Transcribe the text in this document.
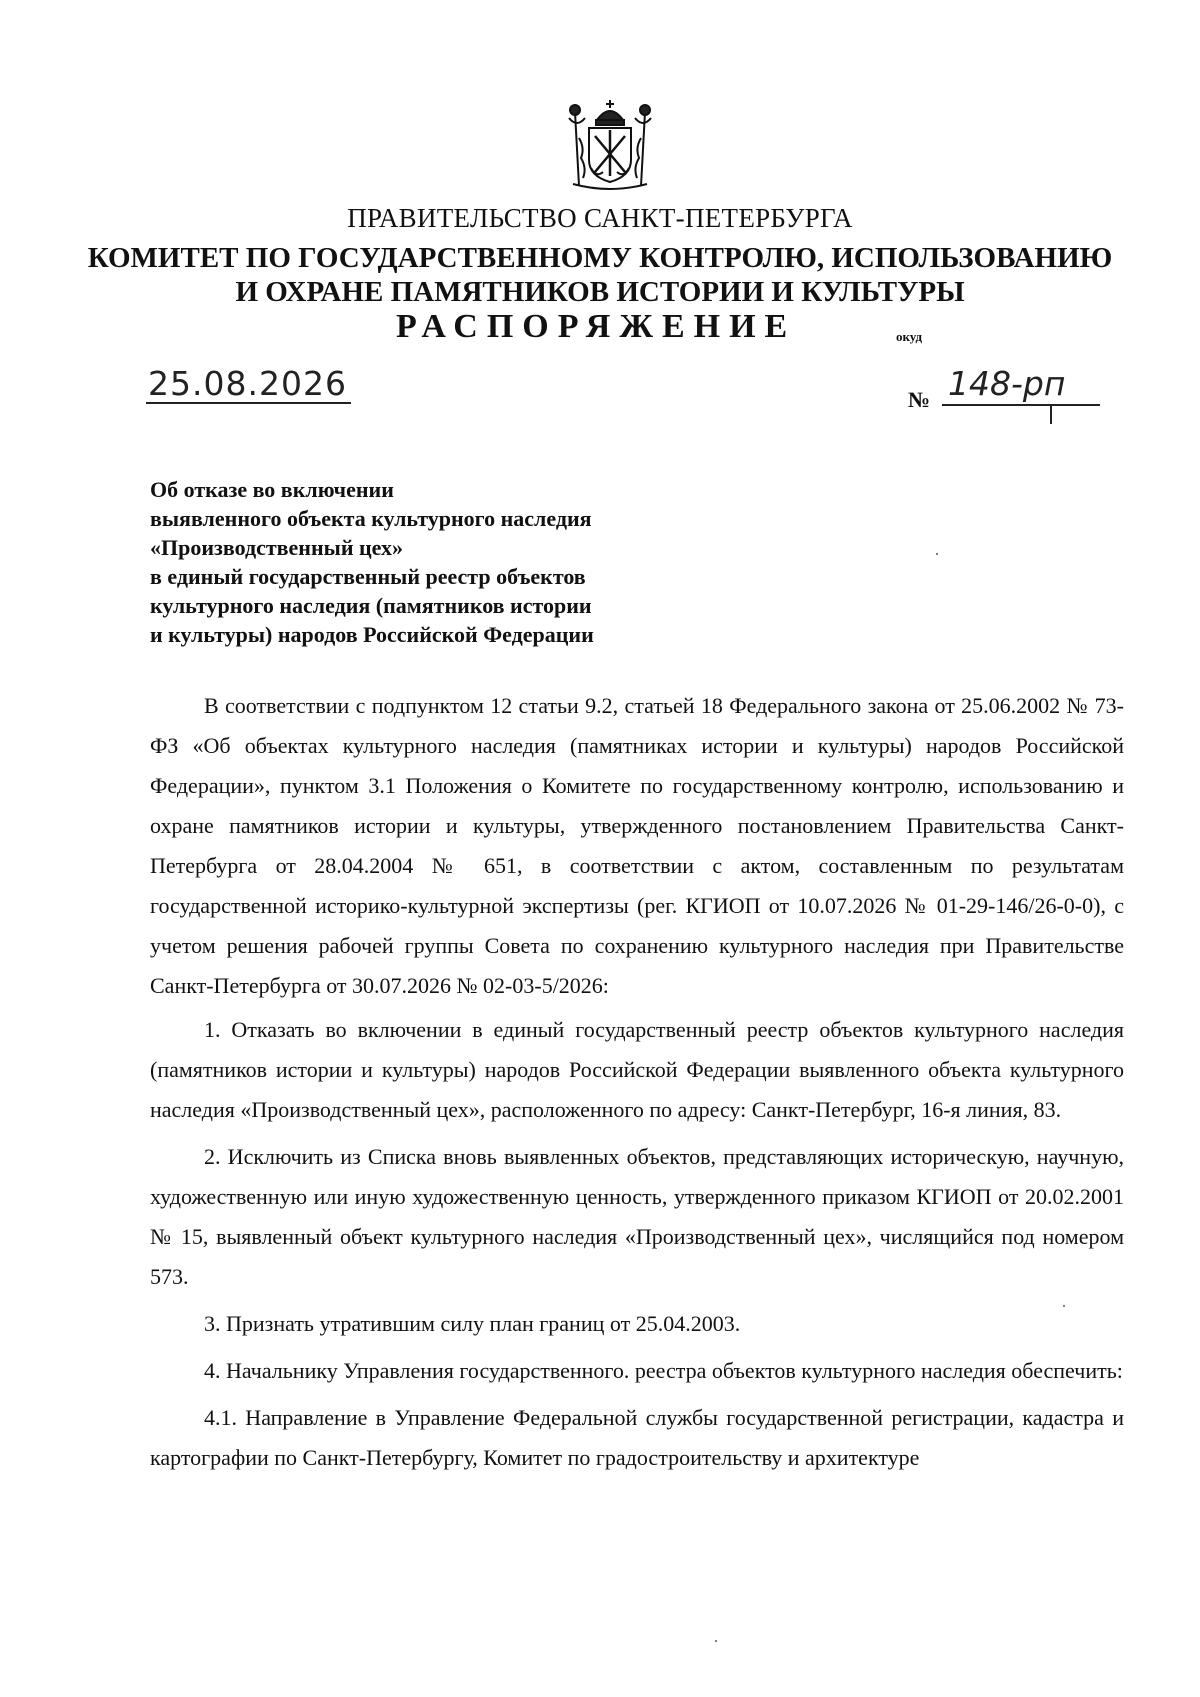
ПРАВИТЕЛЬСТВО САНКТ-ПЕТЕРБУРГА
КОМИТЕТ ПО ГОСУДАРСТВЕННОМУ КОНТРОЛЮ, ИСПОЛЬЗОВАНИЮ
И ОХРАНЕ ПАМЯТНИКОВ ИСТОРИИ И КУЛЬТУРЫ
РАСПОРЯЖЕНИЕ	окуд
25.08.2026	№ 148-рп
Об отказе во включении
выявленного объекта культурного наследия
«Производственный цех»
в единый государственный реестр объектов
культурного наследия (памятников истории
и культуры) народов Российской Федерации

В соответствии с подпунктом 12 статьи 9.2, статьей 18 Федерального закона от 25.06.2002 № 73-ФЗ «Об объектах культурного наследия (памятниках истории и культуры) народов Российской Федерации», пунктом 3.1 Положения о Комитете по государственному контролю, использованию и охране памятников истории и культуры, утвержденного постановлением Правительства Санкт-Петербурга от 28.04.2004 № 651, в соответствии с актом, составленным по результатам государственной историко-культурной экспертизы (рег. КГИОП от 10.07.2026 № 01-29-146/26-0-0), с учетом решения рабочей группы Совета по сохранению культурного наследия при Правительстве Санкт-Петербурга от 30.07.2026 № 02-03-5/2026:

1. Отказать во включении в единый государственный реестр объектов культурного наследия (памятников истории и культуры) народов Российской Федерации выявленного объекта культурного наследия «Производственный цех», расположенного по адресу: Санкт-Петербург, 16-я линия, 83.

2. Исключить из Списка вновь выявленных объектов, представляющих историческую, научную, художественную или иную художественную ценность, утвержденного приказом КГИОП от 20.02.2001 № 15, выявленный объект культурного наследия «Производственный цех», числящийся под номером 573.

3. Признать утратившим силу план границ от 25.04.2003.

4. Начальнику Управления государственного. реестра объектов культурного наследия обеспечить:

4.1. Направление в Управление Федеральной службы государственной регистрации, кадастра и картографии по Санкт-Петербургу, Комитет по градостроительству и архитектуре
